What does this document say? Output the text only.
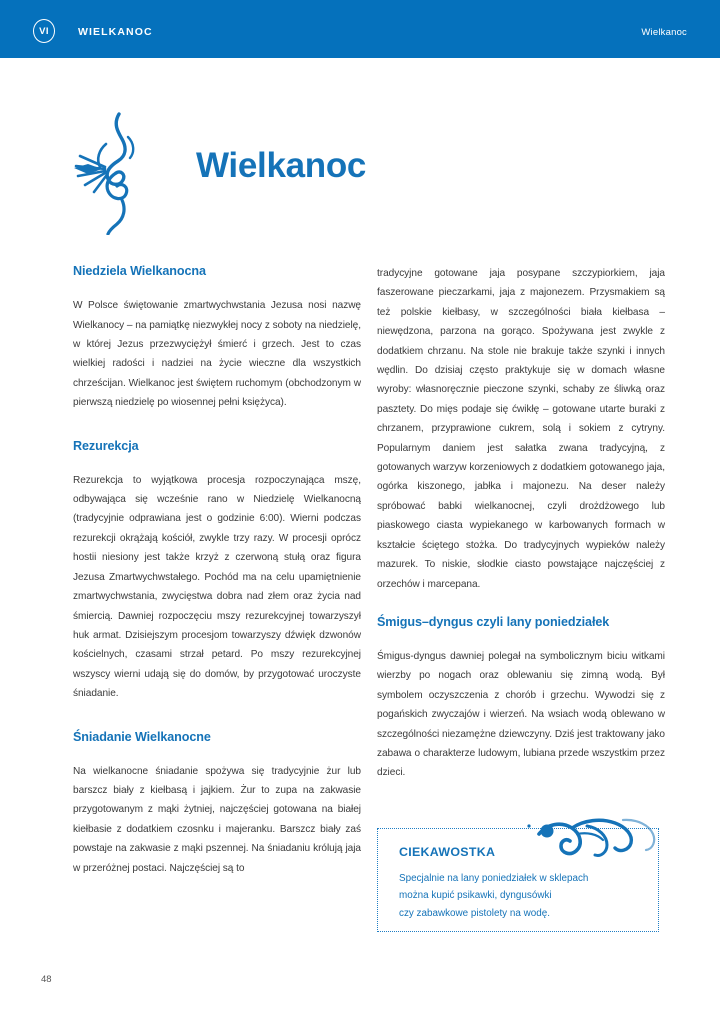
VI	WIELKANOC	Wielkanoc
Wielkanoc
Niedziela Wielkanocna

W Polsce świętowanie zmartwychwstania Jezusa nosi nazwę Wielkanocy – na pamiątkę niezwykłej nocy z soboty na niedzielę, w której Jezus przezwyciężył śmierć i grzech. Jest to czas wielkiej radości i nadziei na życie wieczne dla wszystkich chrześcijan. Wielkanoc jest świętem ruchomym (obchodzonym w pierwszą niedzielę po wiosennej pełni księżyca).

Rezurekcja

Rezurekcja to wyjątkowa procesja rozpoczynająca mszę, odbywająca się wcześnie rano w Niedzielę Wielkanocną (tradycyjnie odprawiana jest o godzinie 6:00). Wierni podczas rezurekcji okrążają kościół, zwykle trzy razy. W procesji oprócz hostii niesiony jest także krzyż z czerwoną stułą oraz figura Jezusa Zmartwychwstałego. Pochód ma na celu upamiętnienie zmartwychwstania, zwycięstwa dobra nad złem oraz życia nad śmiercią. Dawniej rozpoczęciu mszy rezurekcyjnej towarzyszył huk armat. Dzisiejszym procesjom towarzyszy dźwięk dzwonów kościelnych, czasami strzał petard. Po mszy rezurekcyjnej wszyscy wierni udają się do domów, by przygotować uroczyste śniadanie.

Śniadanie Wielkanocne

Na wielkanocne śniadanie spożywa się tradycyjnie żur lub barszcz biały z kiełbasą i jajkiem. Żur to zupa na zakwasie przygotowanym z mąki żytniej, najczęściej gotowana na białej kiełbasie z dodatkiem czosnku i majeranku. Barszcz biały zaś powstaje na zakwasie z mąki pszennej. Na śniadaniu królują jaja w przeróżnej postaci. Najczęściej są to

tradycyjne gotowane jaja posypane szczypiorkiem, jaja faszerowane pieczarkami, jaja z majonezem. Przysmakiem są też polskie kiełbasy, w szczególności biała kiełbasa – niewędzona, parzona na gorąco. Spożywana jest zwykle z dodatkiem chrzanu. Na stole nie brakuje także szynki i innych wędlin. Do dzisiaj często praktykuje się w domach własne wyroby: własnoręcznie pieczone szynki, schaby ze śliwką oraz pasztety. Do mięs podaje się ćwikłę – gotowane utarte buraki z chrzanem, przyprawione cukrem, solą i sokiem z cytryny. Popularnym daniem jest sałatka zwana tradycyjną, z gotowanych warzyw korzeniowych z dodatkiem gotowanego jaja, ogórka kiszonego, jabłka i majonezu. Na deser należy spróbować babki wielkanocnej, czyli drożdżowego lub piaskowego ciasta wypiekanego w karbowanych formach w kształcie ściętego stożka. Do tradycyjnych wypieków należy mazurek. To niskie, słodkie ciasto powstające najczęściej z orzechów i marcepana.

Śmigus–dyngus czyli lany poniedziałek

Śmigus-dyngus dawniej polegał na symbolicznym biciu witkami wierzby po nogach oraz oblewaniu się zimną wodą. Był symbolem oczyszczenia z chorób i grzechu. Wywodzi się z pogańskich zwyczajów i wierzeń. Na wsiach wodą oblewano w szczególności niezamężne dziewczyny. Dziś jest traktowany jako zabawa o charakterze ludowym, lubiana przede wszystkim przez dzieci.

CIEKAWOSTKA
Specjalnie na lany poniedziałek w sklepach
można kupić psikawki, dyngusówki
czy zabawkowe pistolety na wodę.
48
